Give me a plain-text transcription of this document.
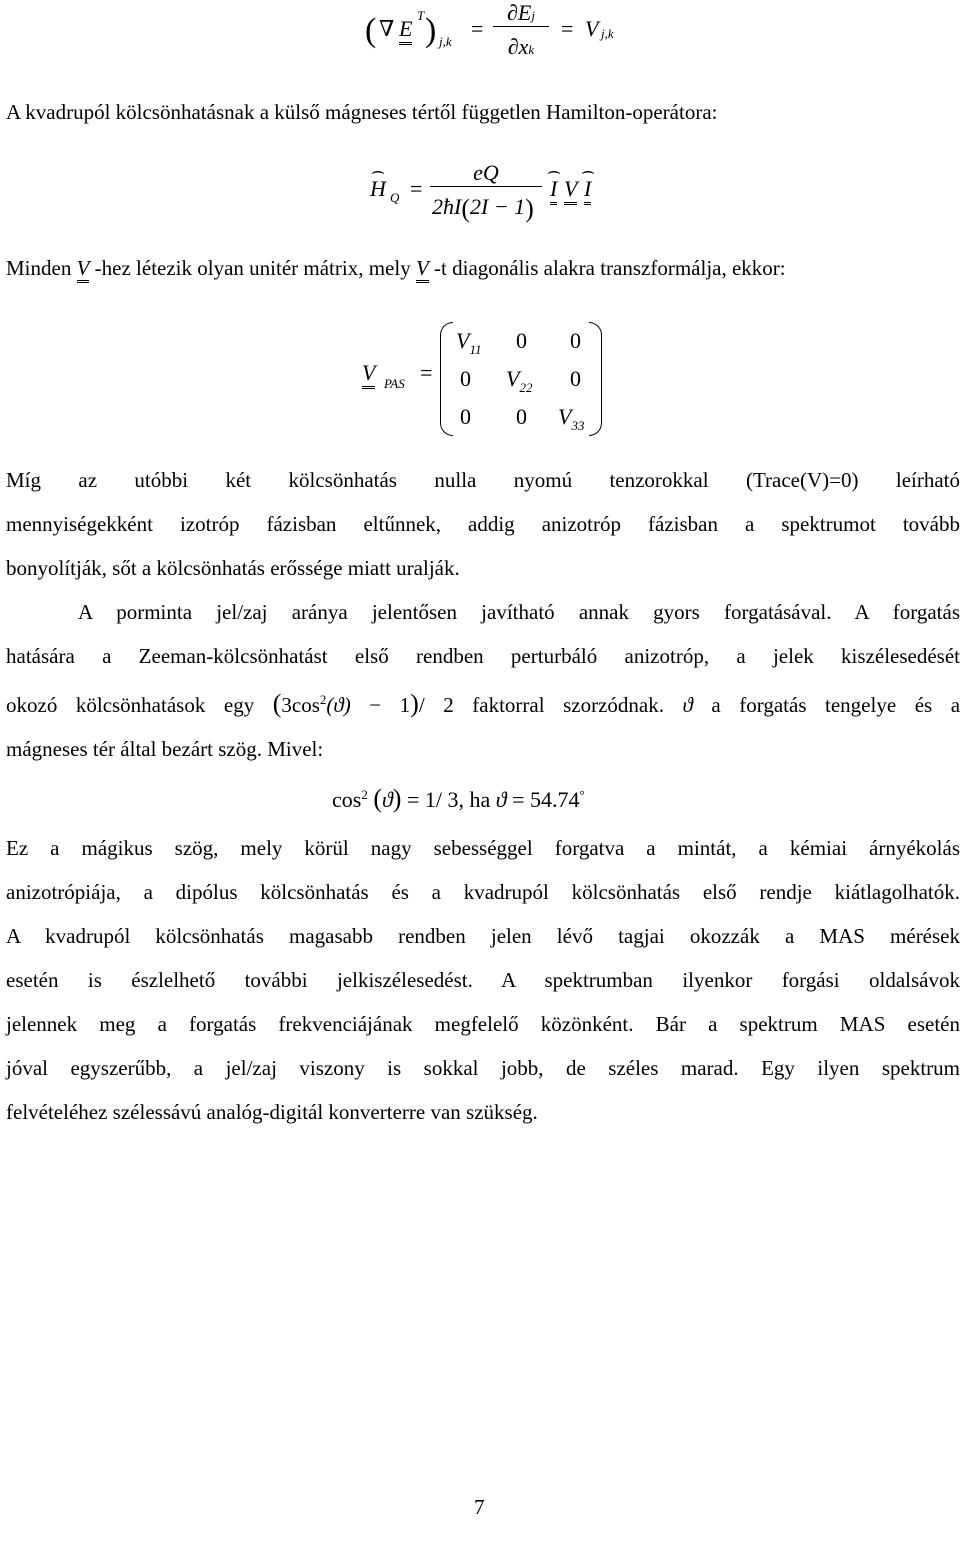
( ∇ E
T ) j,k
=
∂Ej
∂xk
= V j,k
A kvadrupól kölcsönhatásnak a külső mágneses tértől független Hamilton-operátora:
⌢ H Q =
eQ
2ħI(2I − 1)
⌢ I V
⌢ I
Minden V -hez létezik olyan unitér mátrix, mely V -t diagonális alakra transzformálja, ekkor:
V PAS =
$V_{11}$ 0 0
0 $V_{22}$ 0
0 0 $V_{33}$
Míg az utóbbi két kölcsönhatás nulla nyomú tenzorokkal (Trace(V)=0) leírható
mennyiségekként izotróp fázisban eltűnnek, addig anizotróp fázisban a spektrumot tovább
bonyolítják, sőt a kölcsönhatás erőssége miatt uralják.
A porminta jel/zaj aránya jelentősen javítható annak gyors forgatásával. A forgatás
hatására a Zeeman-kölcsönhatást első rendben perturbáló anizotróp, a jelek kiszélesedését
okozó kölcsönhatások egy $(3\cos^2(ϑ) - 1)/$ 2 faktorral szorzódnak. ϑ a forgatás tengelye és a
mágneses tér által bezárt szög. Mivel:
$\cos^2 (ϑ) = 1/$ 3, ha ϑ = 54.74°
Ez a mágikus szög, mely körül nagy sebességgel forgatva a mintát, a kémiai árnyékolás
anizotrópiája, a dipólus kölcsönhatás és a kvadrupól kölcsönhatás első rendje kiátlagolhatók.
A kvadrupól kölcsönhatás magasabb rendben jelen lévő tagjai okozzák a MAS mérések
esetén is észlelhető további jelkiszélesedést. A spektrumban ilyenkor forgási oldalsávok
jelennek meg a forgatás frekvenciájának megfelelő közönként. Bár a spektrum MAS esetén
jóval egyszerűbb, a jel/zaj viszony is sokkal jobb, de széles marad. Egy ilyen spektrum
felvételéhez szélessávú analóg-digitál konverterre van szükség.
7
